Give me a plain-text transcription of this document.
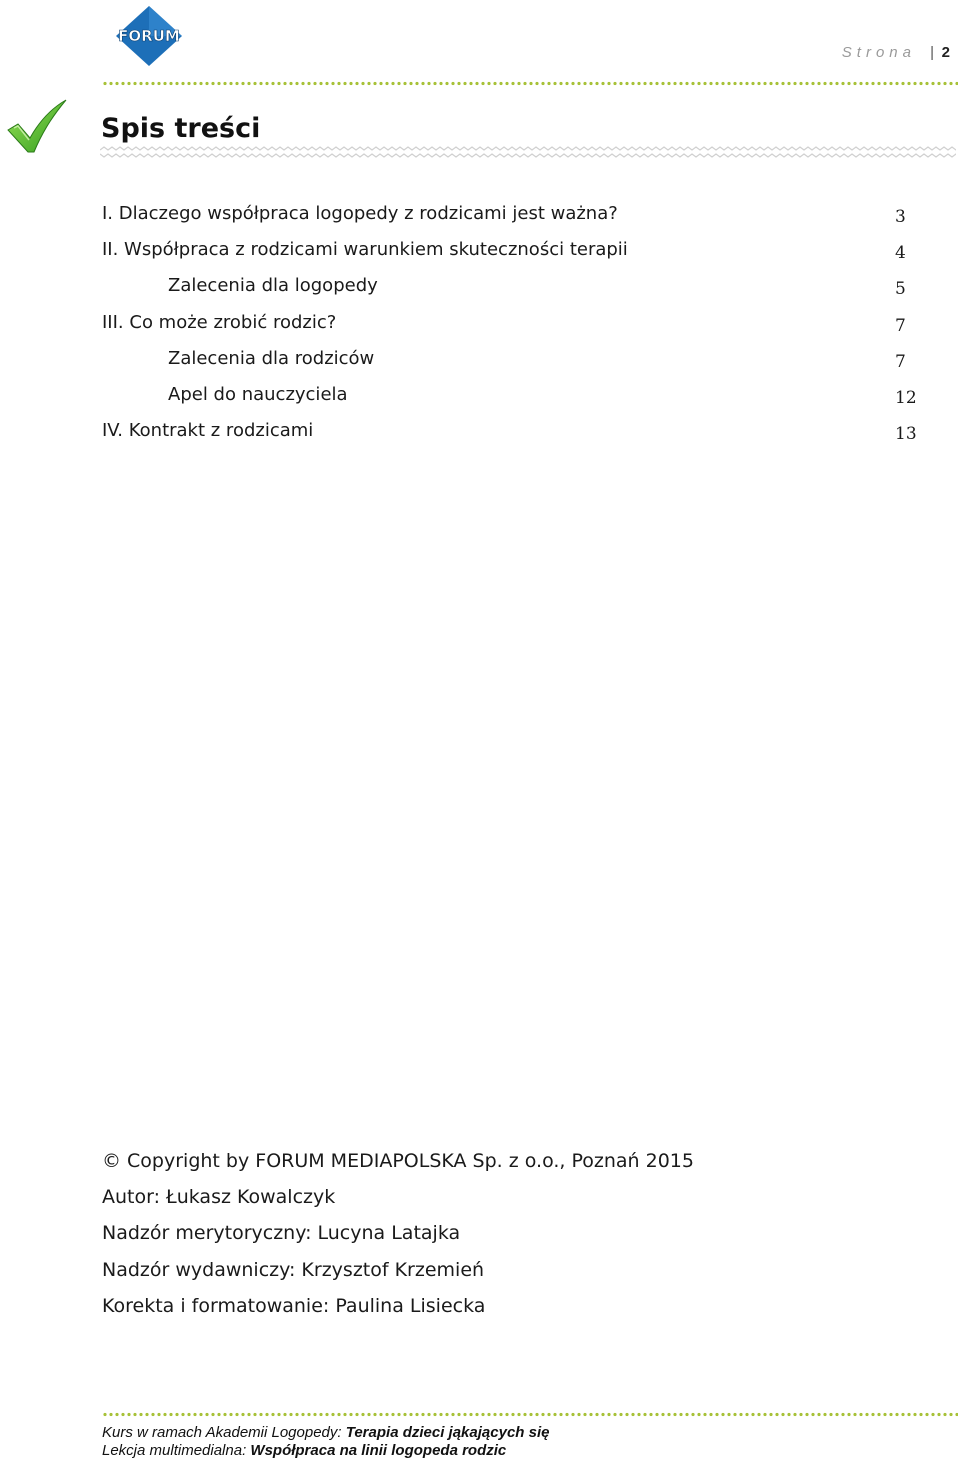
FORUM
Strona | 2
Spis treści
I. Dlaczego współpraca logopedy z rodzicami jest ważna?	3
II. Współpraca z rodzicami warunkiem skuteczności terapii	4
Zalecenia dla logopedy	5
III. Co może zrobić rodzic?	7
Zalecenia dla rodziców	7
Apel do nauczyciela	12
IV. Kontrakt z rodzicami	13
© Copyright by FORUM MEDIAPOLSKA Sp. z o.o., Poznań 2015
Autor: Łukasz Kowalczyk
Nadzór merytoryczny: Lucyna Latajka
Nadzór wydawniczy: Krzysztof Krzemień
Korekta i formatowanie: Paulina Lisiecka
Kurs w ramach Akademii Logopedy: Terapia dzieci jąkających się
Lekcja multimedialna: Współpraca na linii logopeda rodzic
